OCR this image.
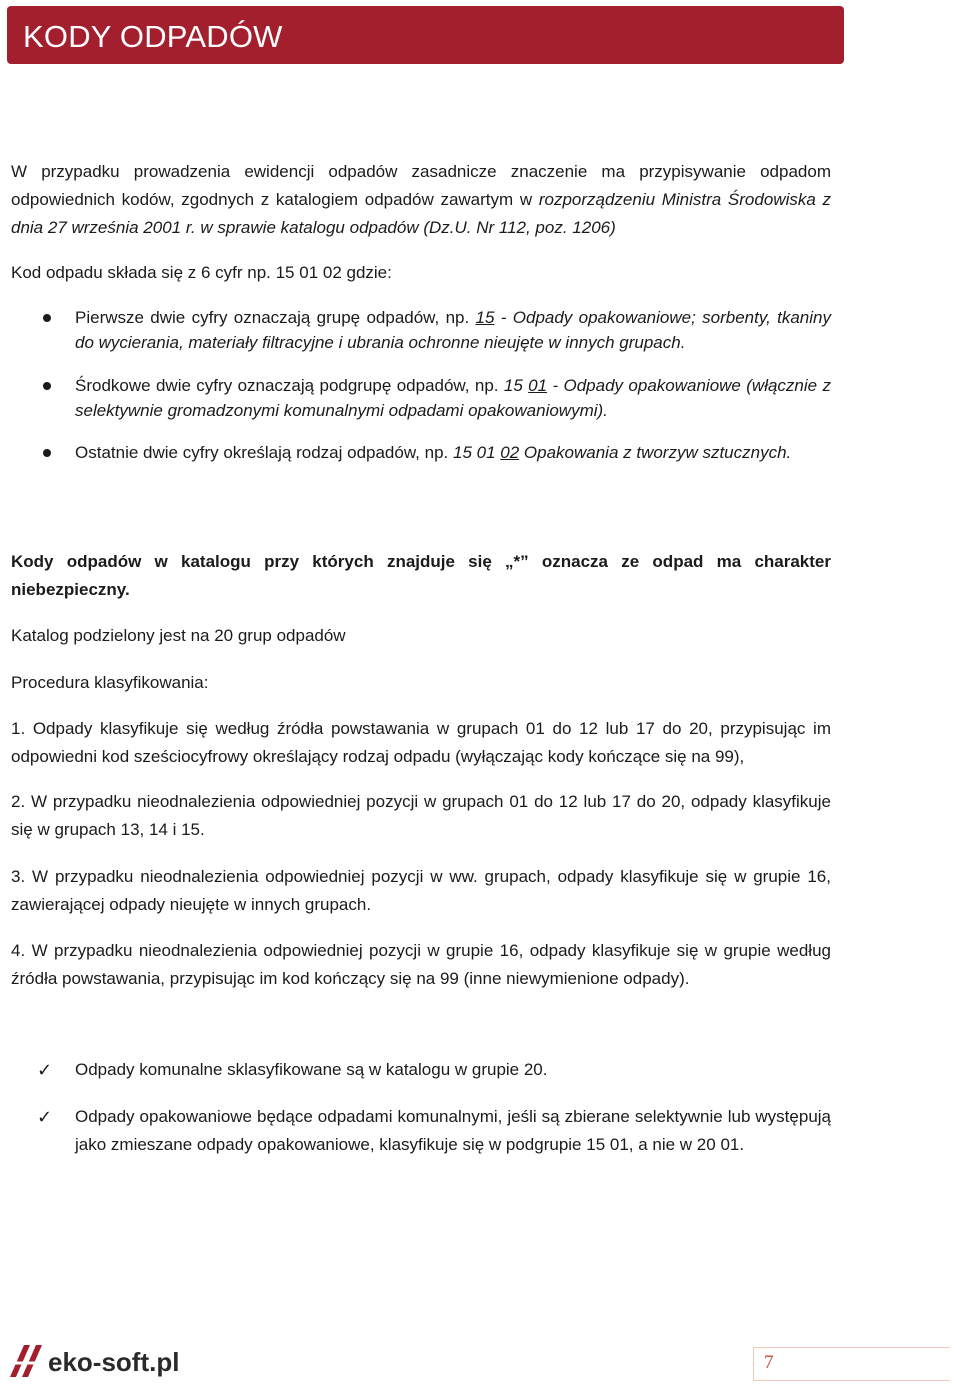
KODY ODPADÓW
W przypadku prowadzenia ewidencji odpadów zasadnicze znaczenie ma przypisywanie odpadom odpowiednich kodów, zgodnych z katalogiem odpadów zawartym w rozporządzeniu Ministra Środowiska z dnia 27 września 2001 r. w sprawie katalogu odpadów (Dz.U. Nr 112, poz. 1206)
Kod odpadu składa się z 6 cyfr np. 15 01 02 gdzie:
Pierwsze dwie cyfry oznaczają grupę odpadów, np. 15 - Odpady opakowaniowe; sorbenty, tkaniny do wycierania, materiały filtracyjne i ubrania ochronne nieujęte w innych grupach.
Środkowe dwie cyfry oznaczają podgrupę odpadów, np. 15 01 - Odpady opakowaniowe (włącznie z selektywnie gromadzonymi komunalnymi odpadami opakowaniowymi).
Ostatnie dwie cyfry określają rodzaj odpadów, np. 15 01 02 Opakowania z tworzyw sztucznych.
Kody odpadów w katalogu przy których znajduje się „*” oznacza ze odpad ma charakter niebezpieczny.
Katalog podzielony jest na 20 grup odpadów
Procedura klasyfikowania:
1. Odpady klasyfikuje się według źródła powstawania w grupach 01 do 12 lub 17 do 20, przypisując im odpowiedni kod sześciocyfrowy określający rodzaj odpadu (wyłączając kody kończące się na 99),
2. W przypadku nieodnalezienia odpowiedniej pozycji w grupach 01 do 12 lub 17 do 20, odpady klasyfikuje się w grupach 13, 14 i 15.
3. W przypadku nieodnalezienia odpowiedniej pozycji w ww. grupach, odpady klasyfikuje się w grupie 16, zawierającej odpady nieujęte w innych grupach.
4. W przypadku nieodnalezienia odpowiedniej pozycji w grupie 16, odpady klasyfikuje się w grupie według źródła powstawania, przypisując im kod kończący się na 99 (inne niewymienione odpady).
✓ Odpady komunalne sklasyfikowane są w katalogu w grupie 20.
✓ Odpady opakowaniowe będące odpadami komunalnymi, jeśli są zbierane selektywnie lub występują jako zmieszane odpady opakowaniowe, klasyfikuje się w podgrupie 15 01, a nie w 20 01.
eko-soft.pl	7
